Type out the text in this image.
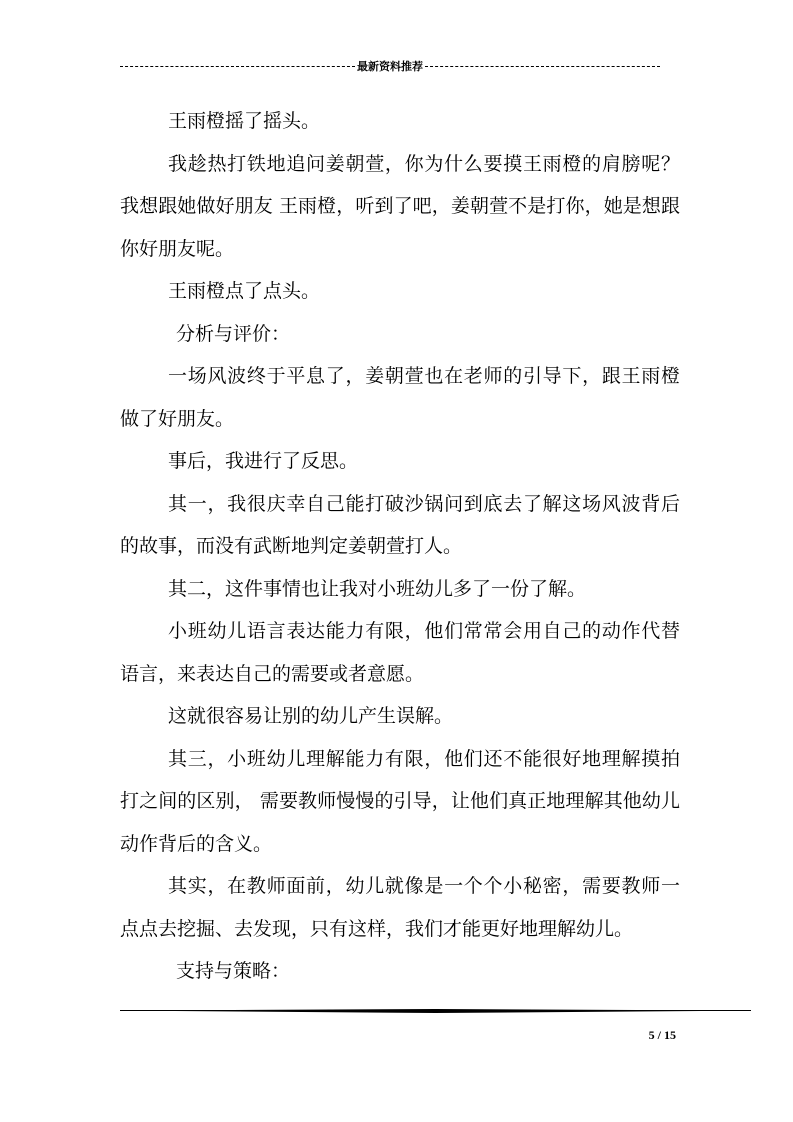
最新资料推荐

王雨橙摇了摇头。

我趁热打铁地追问姜朝萱，你为什么要摸王雨橙的肩膀呢？我想跟她做好朋友 王雨橙，听到了吧，姜朝萱不是打你，她是想跟你好朋友呢。

王雨橙点了点头。

分析与评价：

一场风波终于平息了，姜朝萱也在老师的引导下，跟王雨橙做了好朋友。

事后，我进行了反思。

其一，我很庆幸自己能打破沙锅问到底去了解这场风波背后的故事，而没有武断地判定姜朝萱打人。

其二，这件事情也让我对小班幼儿多了一份了解。

小班幼儿语言表达能力有限，他们常常会用自己的动作代替语言，来表达自己的需要或者意愿。

这就很容易让别的幼儿产生误解。

其三，小班幼儿理解能力有限，他们还不能很好地理解摸拍打之间的区别， 需要教师慢慢的引导，让他们真正地理解其他幼儿动作背后的含义。

其实，在教师面前，幼儿就像是一个个小秘密，需要教师一点点去挖掘、去发现，只有这样，我们才能更好地理解幼儿。

支持与策略：

5 / 15
